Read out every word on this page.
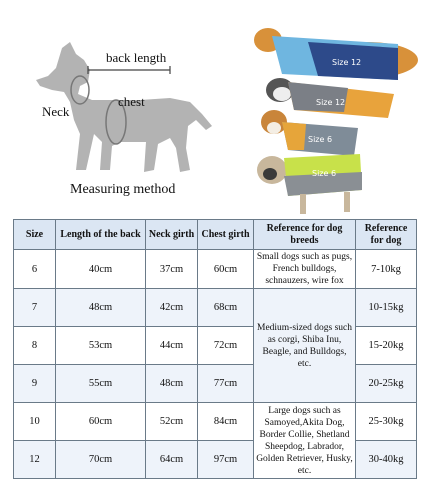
back length
chest
Neck
Measuring method
Size 12
Size 12
Size 6
Size 6
Size	Length of the back	Neck girth	Chest girth	Reference for dog breeds	Reference for dog
6	40cm	37cm	60cm	Small dogs such as pugs, French bulldogs, schnauzers, wire fox	7-10kg
7	48cm	42cm	68cm	Medium-sized dogs such as corgi, Shiba Inu, Beagle, and Bulldogs, etc.	10-15kg
8	53cm	44cm	72cm		15-20kg
9	55cm	48cm	77cm		20-25kg
10	60cm	52cm	84cm	Large dogs such as Samoyed,Akita Dog, Border Collie, Shetland Sheepdog, Labrador, Golden Retriever, Husky, etc.	25-30kg
12	70cm	64cm	97cm		30-40kg
